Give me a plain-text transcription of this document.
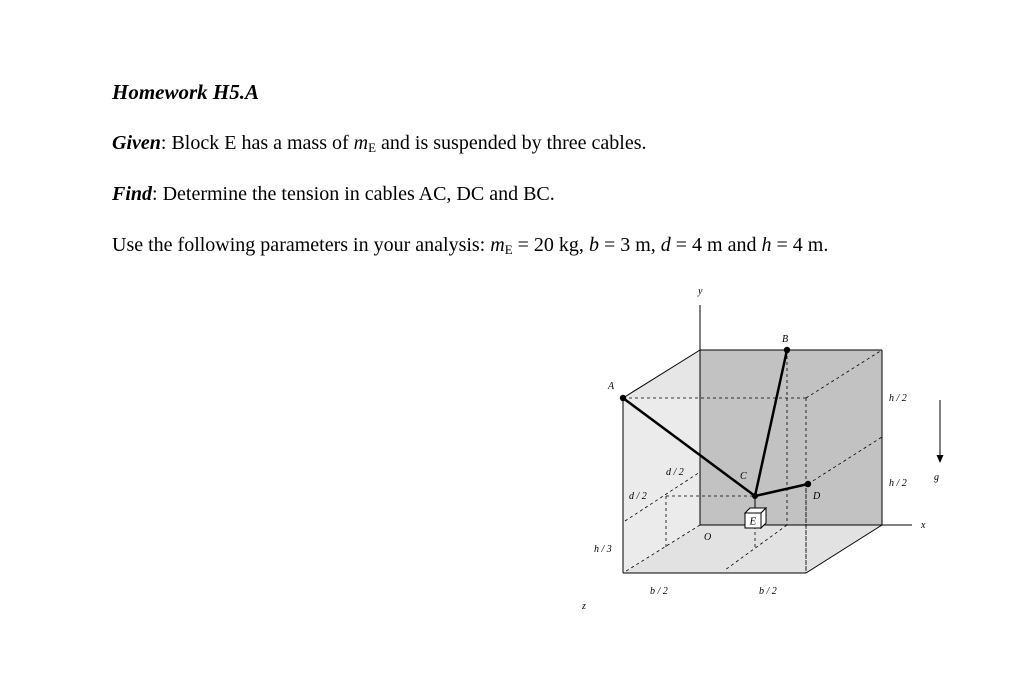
Homework H5.A

Given: Block E has a mass of $m_E$ and is suspended by three cables.

Find: Determine the tension in cables AC, DC and BC.

Use the following parameters in your analysis: $m_E = 20$ kg, b = 3 m, d = 4 m and h = 4 m.

y
x
z
O
A
B
C
D
E
g
h / 2
h / 2
h / 3
d / 2
d / 2
b / 2	b / 2
